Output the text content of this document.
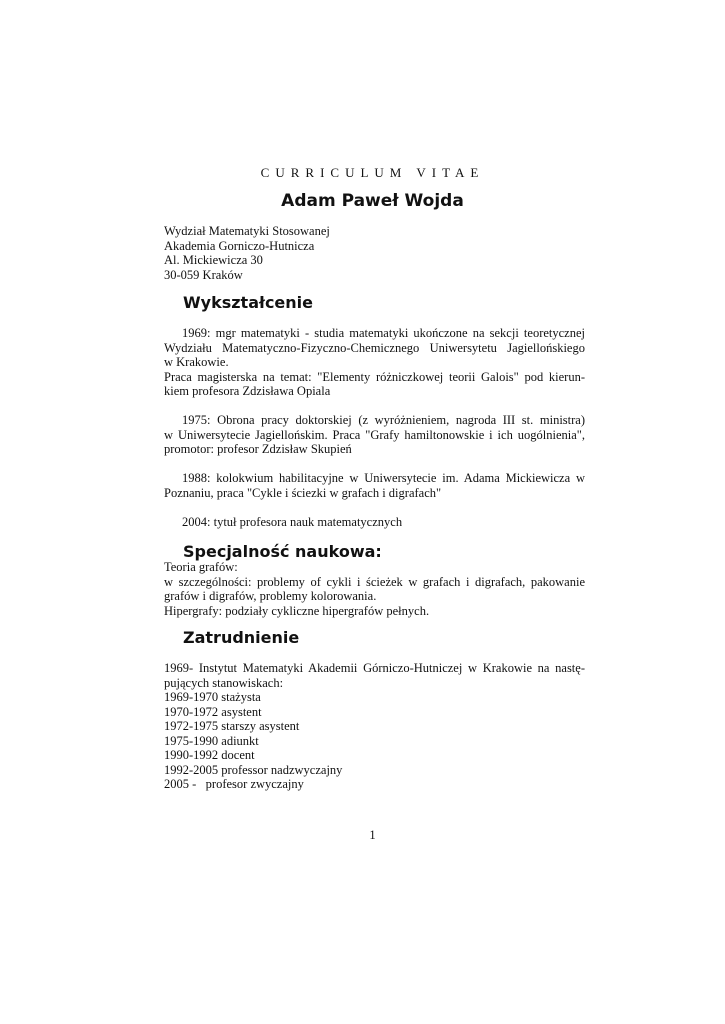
CURRICULUM VITAE
Adam Paweł Wojda
Wydział Matematyki Stosowanej
Akademia Gorniczo-Hutnicza
Al. Mickiewicza 30
30-059 Kraków
Wykształcenie
1969: mgr matematyki - studia matematyki ukończone na sekcji teoretycznej
Wydziału Matematyczno-Fizyczno-Chemicznego Uniwersytetu Jagiellońskiego
w Krakowie.
Praca magisterska na temat: "Elementy różniczkowej teorii Galois" pod kierun-
kiem profesora Zdzisława Opiala
1975: Obrona pracy doktorskiej (z wyróżnieniem, nagroda III st. ministra)
w Uniwersytecie Jagiellońskim. Praca "Grafy hamiltonowskie i ich uogólnienia",
promotor: profesor Zdzisław Skupień
1988: kolokwium habilitacyjne w Uniwersytecie im. Adama Mickiewicza w
Poznaniu, praca "Cykle i ściezki w grafach i digrafach"
2004: tytuł profesora nauk matematycznych
Specjalność naukowa:
Teoria grafów:
w szczególności: problemy of cykli i ścieżek w grafach i digrafach, pakowanie
grafów i digrafów, problemy kolorowania.
Hipergrafy: podziały cykliczne hipergrafów pełnych.
Zatrudnienie
1969- Instytut Matematyki Akademii Górniczo-Hutniczej w Krakowie na nastę-
pujących stanowiskach:
1969-1970 stażysta
1970-1972 asystent
1972-1975 starszy asystent
1975-1990 adiunkt
1990-1992 docent
1992-2005 professor nadzwyczajny
2005 -   profesor zwyczajny
1
